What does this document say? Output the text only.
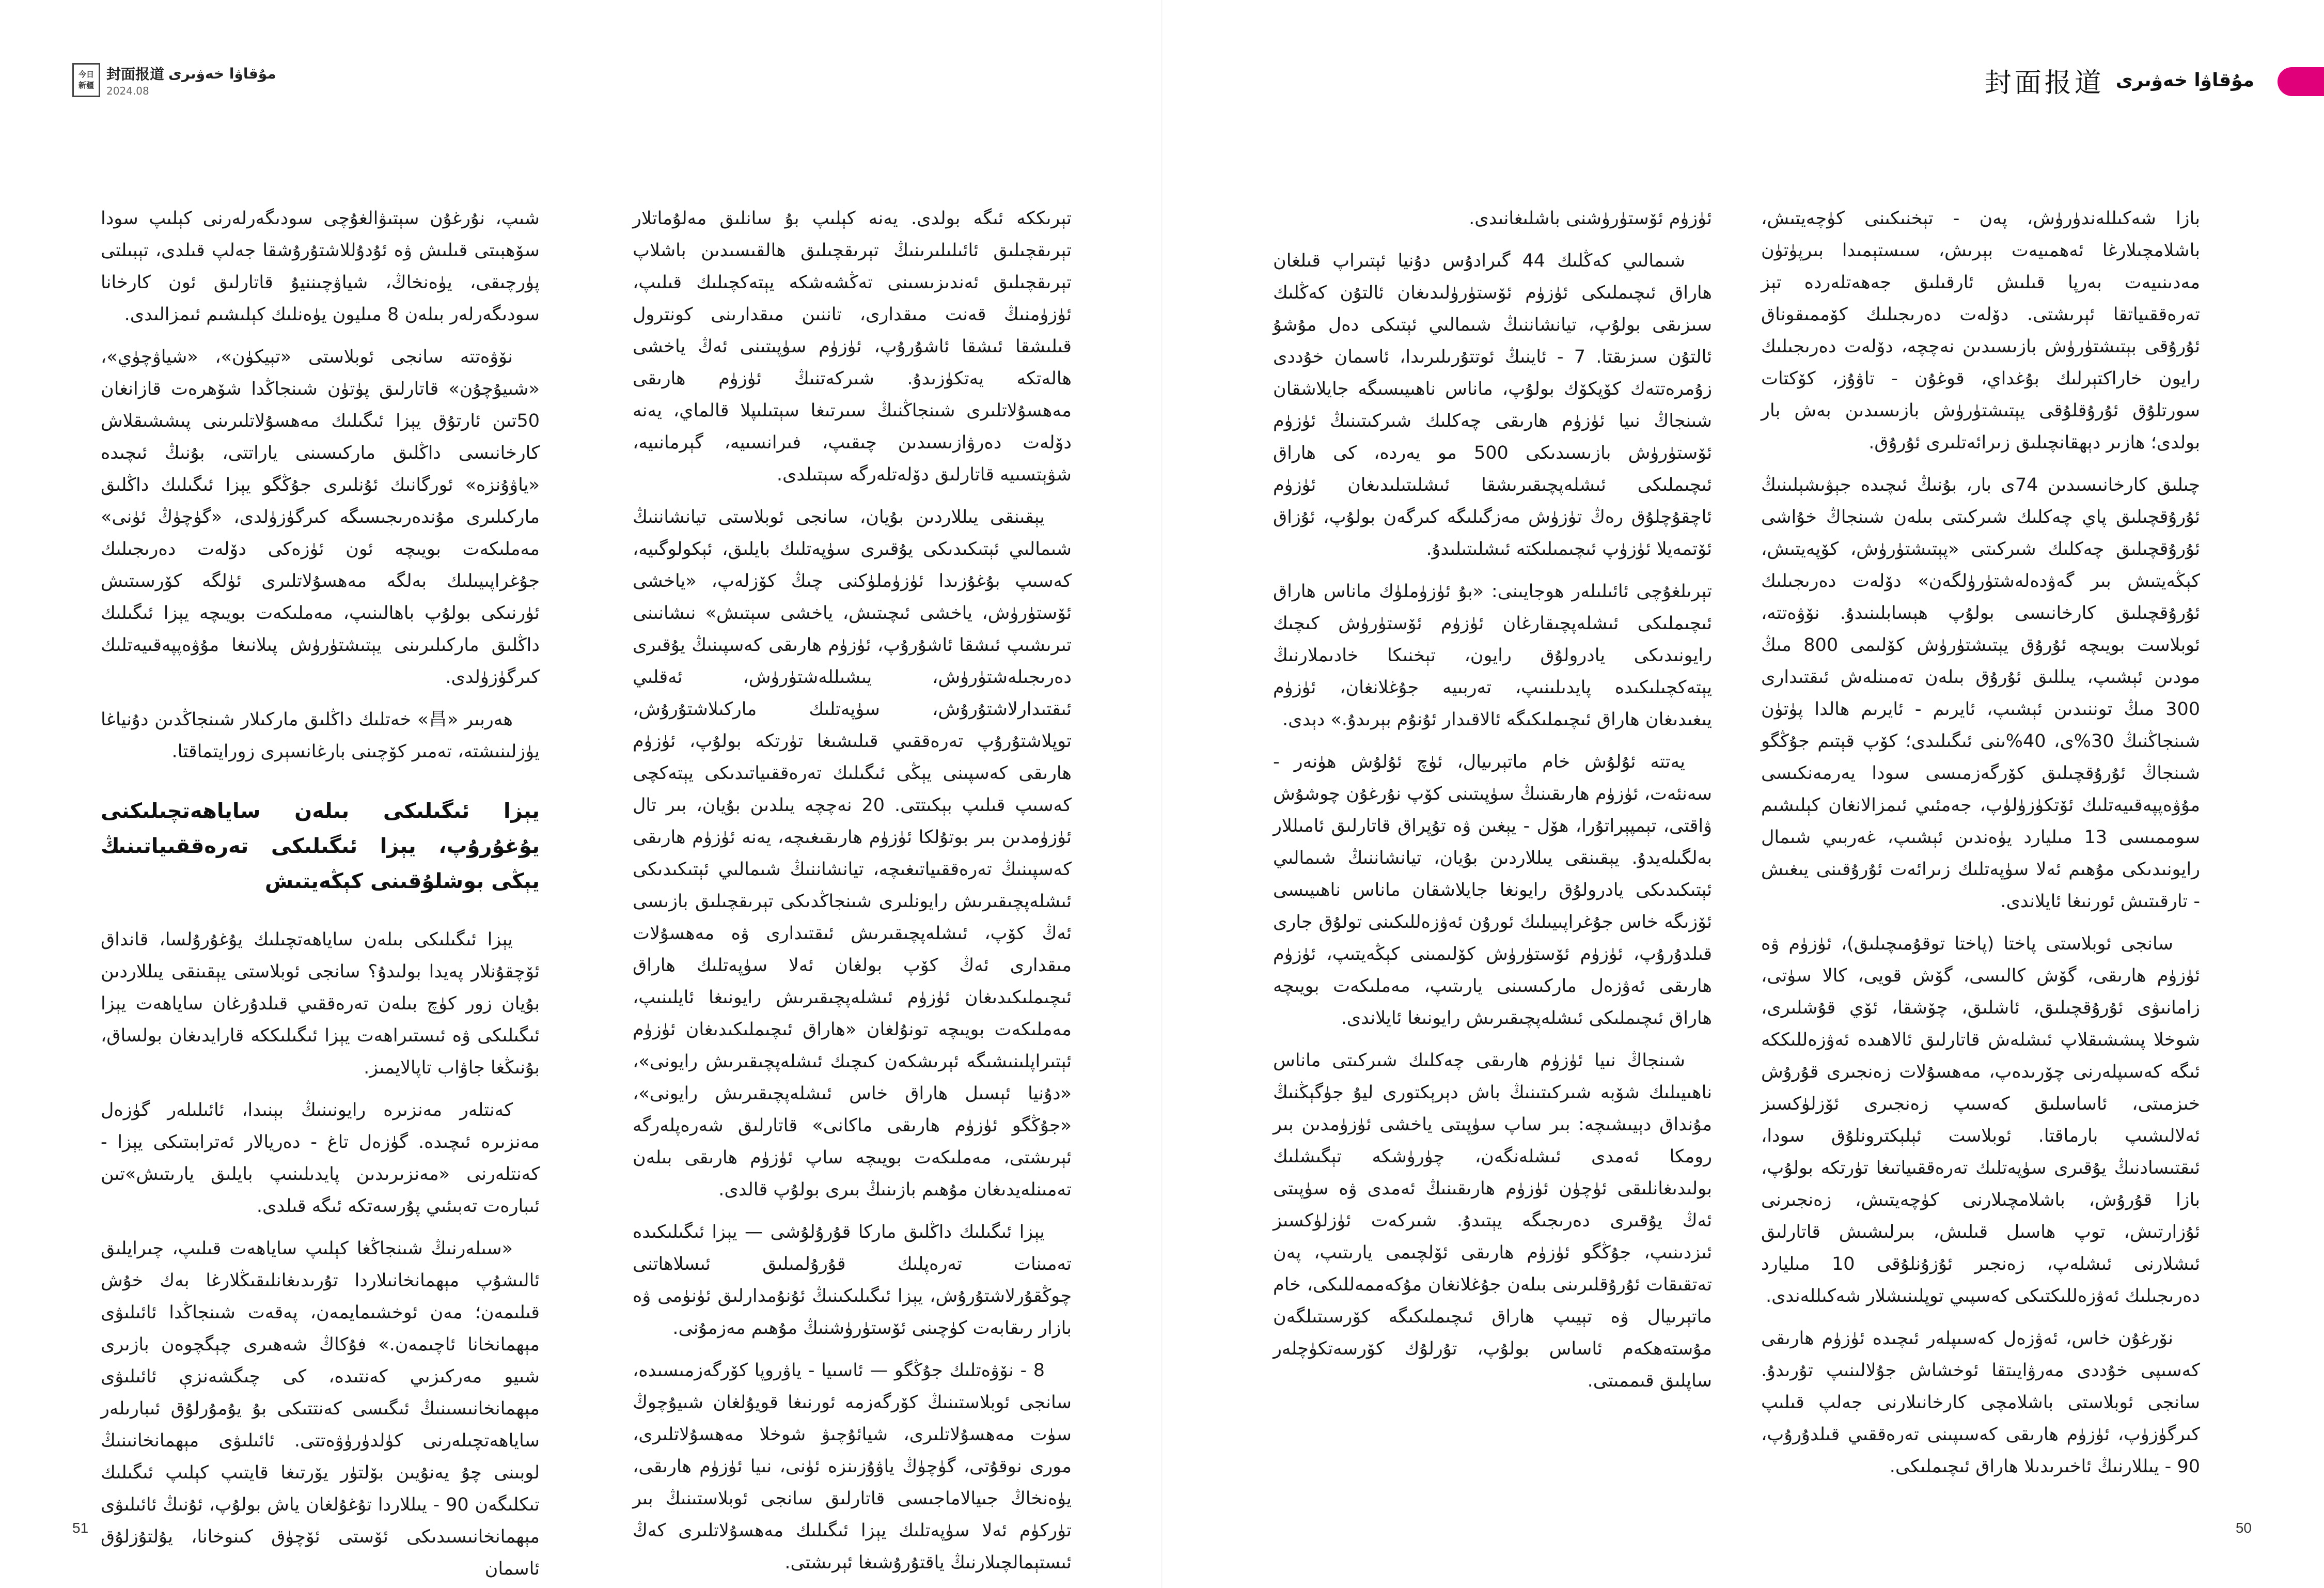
今日
新疆
封面报道 مۇقاۋا خەۋىرى
2024.08	封面报道 مۇقاۋا خەۋىرى

بازا شەكىللەندۈرۈش، پەن - تېخنىكىنى كۈچەيتىش، باشلامچىلارغا ئەھمىيەت بېرىش، سىستېمىدا بىرپۈتۈن مەدىنىيەت بەرپا قىلىش ئارقىلىق جەھەتلەردە تېز تەرەققىياتقا ئېرىشتى. دۆلەت دەرىجىلىك كۆممىقوناق ئۇرۇقى بېتىشتۈرۈش بازىسىدىن نەچچە، دۆلەت دەرىجىلىك رايون خاراكتېرلىك بۇغداي، قوغۇن - تاۋۇز، كۆكتات سورتلۇق ئۇرۇقلۇقى يېتىشتۈرۈش بازىسىدىن بەش بار بولدى؛ ھازىر دېھقانچىلىق زىرائەتلىرى ئۇرۇق.

چىلىق كارخانىسىدىن 74ى بار، بۇنىڭ ئىچىدە جېۋىشېلىنىڭ ئۇرۇقچىلىق پاي چەكلىك شىركىتى بىلەن شىنجاڭ خۇاشى ئۇرۇقچىلىق چەكلىك شىركىتى «پېتىشتۈرۈش، كۆپەيتىش، كېڭەيتىش بىر گەۋدەلەشتۈرۈلگەن» دۆلەت دەرىجىلىك ئۇرۇقچىلىق كارخانىسى بولۇپ ھېسابلىنىدۇ. نۆۋەتتە، ئوبلاست بويىچە ئۇرۇق يېتىشتۈرۈش كۆلىمى 800 مىڭ مودىن ئېشىپ، يىللىق ئۇرۇق بىلەن تەمىنلەش ئىقتىدارى 300 مىڭ توننىدىن ئېشىپ، ئايرىم - ئايرىم ھالدا پۈتۈن شىنجاڭنىڭ 30%ى، 40%ىنى ئىگىلىدى؛ كۆپ قېتىم جۇڭگو شىنجاڭ ئۇرۇقچىلىق كۆرگەزمىسى سودا يەرمەنكىسى مۇۋەپپەقىيەتلىك ئۆتكۈزۈلۈپ، جەمئىي ئىمزالانغان كېلىشىم سوممىسى 13 مىليارد يۈەندىن ئېشىپ، غەربىي شىمال رايونىدىكى مۇھىم ئەلا سۈپەتلىك زىرائەت ئۇرۇقىنى يىغىش - تارقىتىش ئورنىغا ئايلاندى.

سانجى ئوبلاستى پاختا (پاختا توقۇمىچىلىق)، ئۈزۈم ۋە ئۈزۈم ھارىقى، گۆش كالىسى، گۆش قويى، كالا سۈتى، زامانىۋى ئۇرۇقچىلىق، ئاشلىق، چۆشقا، ئۆي قۇشلىرى، شوخلا پىششىقلاپ ئىشلەش قاتارلىق ئالاھىدە ئەۋزەللىككە ئىگە كەسىپلەرنى چۆرىدەپ، مەھسۇلات زەنجىرى قۇرۇش خىزمىتى، ئاساسلىق كەسىپ زەنجىرى ئۆزلۈكسىز ئەلالىشىپ بارماقتا. ئوبلاست ئېلېكترونلۇق سودا، ئىقتىسادنىڭ يۇقىرى سۈپەتلىك تەرەققىياتىغا تۈرتكە بولۇپ، بازا قۇرۇش، باشلامچىلارنى كۈچەيتىش، زەنجىرنى ئۇزارتىش، توپ ھاسىل قىلىش، بىرلىشىش قاتارلىق ئىشلارنى ئىشلەپ، زەنجىر ئۇزۇنلۇقى 10 مىليارد دەرىجىلىك ئەۋزەللىكتىكى كەسپىي توپلىنىشلار شەكىللەندى.

نۆرغۇن خاس، ئەۋزەل كەسىپلەر ئىچىدە ئۈزۈم ھارىقى كەسىپى خۇددى مەرۋايىتقا ئوخشاش جۇلالىنىپ تۇرىدۇ. سانجى ئوبلاستى باشلامچى كارخانىلارنى جەلپ قىلىپ كىرگۈزۈپ، ئۈزۈم ھارىقى كەسىپىنى تەرەققىي قىلدۇرۇپ، 90 - يىللارنىڭ ئاخىرىدىلا ھاراق ئىچىملىكى.

ئۈزۈم ئۆستۈرۈشنى باشلىغانىدى.

شىمالىي كەڭلىك 44 گىرادۇس دۇنيا ئېتىراپ قىلغان ھاراق ئىچىملىكى ئۈزۈم ئۆستۈرۈلىدىغان ئالتۇن كەڭلىك سىزىقى بولۇپ، تيانشاننىڭ شىمالىي ئېتىكى دەل مۇشۇ ئالتۇن سىزىقتا. 7 - ئاينىڭ ئوتتۇرىلىرىدا، ئاسمان خۇددى زۇمرەتتەك كۆپكۆك بولۇپ، ماناس ناھىيىسىگە جايلاشقان شىنجاڭ نىيا ئۈزۈم ھارىقى چەكلىك شىركىتىنىڭ ئۈزۈم ئۆستۈرۈش بازىسىدىكى 500 مو يەردە، كى ھاراق ئىچىملىكى ئىشلەپچىقىرىشقا ئىشلىتىلىدىغان ئۈزۈم ئاچقۇچلۇق رەڭ تۈزۈش مەزگىلىگە كىرگەن بولۇپ، ئۇزاق ئۆتمەيلا ئۈزۈپ ئىچىمىلىكتە ئىشلىتىلىدۇ.

تېرىلغۇچى ئائىلىلەر ھوجايىنى: «بۇ ئۈزۈملۈك ماناس ھاراق ئىچىملىكى ئىشلەپچىقارغان ئۈزۈم ئۆستۈرۈش كىچىك رايونىدىكى يادرولۇق رايون، تېخنىكا خادىملارنىڭ يېتەكچىلىكىدە پايدىلىنىپ، تەربىيە جۇغلانغان، ئۈزۈم يىغىدىغان ھاراق ئىچىملىكىگە ئالاقىدار ئۇنۇم بېرىدۇ.» دېدى.

يەتتە ئۇلۇش خام ماتېرىيال، ئۈچ ئۇلۇش ھۈنەر - سەنئەت، ئۈزۈم ھارىقىنىڭ سۈپىتىنى كۆپ نۇرغۇن چوشۇش ۋاقتى، تېمپېراتۇرا، ھۆل - يېغىن ۋە تۇپراق قاتارلىق ئامىللار بەلگىلەيدۇ. يېقىنقى يىللاردىن بۇيان، تيانشاننىڭ شىمالىي ئېتىكىدىكى يادرولۇق رايونغا جايلاشقان ماناس ناھىيىسى ئۆزىگە خاس جۇغراپىيىلىك ئورۇن ئەۋزەللىكىنى تولۇق جارى قىلدۇرۇپ، ئۈزۈم ئۆستۈرۈش كۆلىمىنى كېڭەيتىپ، ئۈزۈم ھارىقى ئەۋزەل ماركىسىنى يارىتىپ، مەملىكەت بويىچە ھاراق ئىچىملىكى ئىشلەپچىقىرىش رايونىغا ئايلاندى.

شىنجاڭ نىيا ئۈزۈم ھارىقى چەكلىك شىركىتى ماناس ناھىيىلىك شۆبە شىركىتىنىڭ باش دېرېكتورى ليۇ جۈگېڭنىڭ مۇنداق دېيىشىچە: بىر ساپ سۈپىتى ياخشى ئۈزۈمدىن بىر رومكا ئەمدى ئىشلەنگەن، چۈرۈشكە تېگىشلىك بولىدىغانلىقى ئۈچۈن ئۈزۈم ھارىقىنىڭ ئەمدى ۋە سۈپىتى ئەڭ يۇقىرى دەرىجىگە يېتىدۇ. شىركەت ئۈزلۈكسىز ئىزدىنىپ، جۇڭگو ئۈزۈم ھارىقى ئۆلچىمى يارىتىپ، پەن تەتقىقات ئۇرۇقلىرىنى بىلەن جۇغلانغان مۇكەممەللىكى، خام ماتېرىيال ۋە تېيىپ ھاراق ئىچىملىكىگە كۆرسىتىلگەن مۇستەھكەم ئاساس بولۇپ، تۇرلۇك كۆرسەتكۈچلەر ساپلىق قىممىتى.

تېرىككە ئىگە بولدى. يەنە كېلىپ بۇ سانلىق مەلۇماتلار تېرىقچىلىق ئائىلىلىرىنىڭ تېرىقچىلىق ھالقىسىدىن باشلاپ تېرىقچىلىق ئەندىزىسىنى تەڭشەشكە يېتەكچىلىك قىلىپ، ئۈزۈمنىڭ قەنت مىقدارى، تاننىن مىقدارىنى كونترول قىلىشقا ئىشقا ئاشۇرۇپ، ئۈزۈم سۈپىتىنى ئەڭ ياخشى ھالەتكە يەتكۈزىدۇ. شىركەتنىڭ ئۈزۈم ھارىقى مەھسۇلاتلىرى شىنجاڭنىڭ سىرتىغا سېتىلىپلا قالماي، يەنە دۆلەت دەرۋازىسىدىن چىقىپ، فىرانسىيە، گېرمانىيە، شۋېتسىيە قاتارلىق دۆلەتلەرگە سېتىلدى.

يېقىنقى يىللاردىن بۇيان، سانجى ئوبلاستى تيانشاننىڭ شىمالىي ئېتىكىدىكى يۇقىرى سۈپەتلىك بايلىق، ئېكولوگىيە، كەسىپ بۇغۇزىدا ئۈزۈملۈكنى چىڭ كۆزلەپ، «ياخشى ئۆستۈرۈش، ياخشى ئىچىتىش، ياخشى سېتىش» نىشانىنى تىرىشىپ ئىشقا ئاشۇرۇپ، ئۈزۈم ھارىقى كەسپىنىڭ يۇقىرى دەرىجىلەشتۈرۈش، يىشىللەشتۈرۈش، ئەقلىي ئىقتىدارلاشتۇرۇش، سۈپەتلىك ماركىلاشتۇرۇش، توپلاشتۇرۇپ تەرەققىي قىلىشىغا تۈرتكە بولۇپ، ئۈزۈم ھارىقى كەسپىنى يېڭى ئىگىلىك تەرەققىياتىدىكى يېتەكچى كەسىپ قىلىپ بېكىتتى. 20 نەچچە يىلدىن بۇيان، بىر تال ئۈزۈمدىن بىر بوتۇلكا ئۈزۈم ھارىقىغىچە، يەنە ئۈزۈم ھارىقى كەسپىنىڭ تەرەققىياتىغىچە، تيانشاننىڭ شىمالىي ئېتىكىدىكى ئىشلەپچىقىرىش رايونلىرى شىنجاڭدىكى تېرىقچىلىق بازىسى ئەڭ كۆپ، ئىشلەپچىقىرىش ئىقتىدارى ۋە مەھسۇلات مىقدارى ئەڭ كۆپ بولغان ئەلا سۈپەتلىك ھاراق ئىچىملىكىدىغان ئۈزۈم ئىشلەپچىقىرىش رايونىغا ئايلىنىپ، مەملىكەت بويىچە تونۇلغان «ھاراق ئىچىملىكىدىغان ئۈزۈم ئېتىراپلىنىشىگە ئېرىشكەن كىچىك ئىشلەپچىقىرىش رايونى»، «دۇنيا ئېسىل ھاراق خاس ئىشلەپچىقىرىش رايونى»، «جۇڭگو ئۈزۈم ھارىقى ماكانى» قاتارلىق شەرەپلەرگە ئېرىشتى، مەملىكەت بويىچە ساپ ئۈزۈم ھارىقى بىلەن تەمىنلەيدىغان مۇھىم بازىنىڭ بىرى بولۇپ قالدى.

يېزا ئىگىلىك داڭلىق ماركا قۇرۇلۇشى — يېزا ئىگىلىكىدە تەمىنات تەرەپلىك قۇرۇلمىلىق ئىسلاھاتنى چوڭقۇرلاشتۇرۇش، يېزا ئىگىلىكىنىڭ ئۇنۇمدارلىق ئۈنۈمى ۋە بازار رىقابەت كۈچىنى ئۆستۈرۈشنىڭ مۇھىم مەزمۇنى.

8 - نۆۋەتلىك جۇڭگو — ئاسىيا - ياۋروپا كۆرگەزمىسىدە، سانجى ئوبلاستىنىڭ كۆرگەزمە ئورنىغا قويۇلغان شىيۇچوڭ سۈت مەھسۇلاتلىرى، شيائۇچىۋ شوخلا مەھسۇلاتلىرى، مورى نوقۇتى، گۈچۈڭ ياۋۇزىنزە ئۈنى، نىيا ئۈزۈم ھارىقى، يۈەنخاڭ جىيالاماجىسى قاتارلىق سانجى ئوبلاستىنىڭ بىر تۈركۈم ئەلا سۈپەتلىك يېزا ئىگىلىك مەھسۇلاتلىرى كەڭ ئىستېمالچىلارنىڭ ياقتۇرۇشىغا ئېرىشتى.

شىپ، نۇرغۇن سېتىۋالغۇچى سودىگەرلەرنى كېلىپ سودا سۆھبىتى قىلىش ۋە ئۇدۇللاشتۇرۇشقا جەلپ قىلدى، تېبىلتى پۈرچىقى، يۈەنخاڭ، شياۋچىننيۇ قاتارلىق ئون كارخانا سودىگەرلەر بىلەن 8 مىليون يۈەنلىك كېلىشىم ئىمزالىدى.

نۆۋەتتە سانجى ئوبلاستى «تېيكۈن»، «شياۋچۈي»، «شىيۇچۇن» قاتارلىق پۈتۈن شىنجاڭدا شۆھرەت قازانغان 50تىن ئارتۇق يېزا ئىگىلىك مەھسۇلاتلىرىنى پىششىقلاش كارخانىسى داڭلىق ماركىسىنى ياراتتى، بۇنىڭ ئىچىدە «ياۋۇنزە» ئورگانىك ئۇنلىرى جۇڭگو يېزا ئىگىلىك داڭلىق ماركىلىرى مۇندەرىجىسىگە كىرگۈزۈلدى، «گۈچۈڭ ئۈنى» مەملىكەت بويىچە ئون ئۈزەكى دۆلەت دەرىجىلىك جۇغراپىيىلىك بەلگە مەھسۇلاتلىرى ئۈلگە كۆرسىتىش ئۈرنىكى بولۇپ باھالىنىپ، مەملىكەت بويىچە يېزا ئىگىلىك داڭلىق ماركىلىرىنى يېتىشتۈرۈش پىلانىغا مۇۋەپپەقىيەتلىك كىرگۈزۈلدى.

ھەربىر «昌» خەتلىك داڭلىق ماركىلار شىنجاڭدىن دۇنياغا يۈزلىنىشتە، تەمىر كۆچىنى بارغانسېرى زورايتماقتا.

يېزا ئىگىلىكى بىلەن ساياھەتچىلىكنى يۇغۇرۇپ، يېزا ئىگىلىكى تەرەققىياتىنىڭ يېڭى بوشلۇقىنى كېڭەيتىش

يېزا ئىگىلىكى بىلەن ساياھەتچىلىك يۇغۇرۇلسا، قانداق ئۆچقۇنلار پەيدا بولىدۇ؟ سانجى ئوبلاستى يېقىنقى يىللاردىن بۇيان زور كۈچ بىلەن تەرەققىي قىلدۇرغان ساياھەت يېزا ئىگىلىكى ۋە ئىستىراھەت يېزا ئىگىلىككە قارايدىغان بولساق، بۇنىڭغا جاۋاب تاپالايمىز.

كەنتلەر مەنزىرە رايونىنىڭ بېنىدا، ئائىلىلەر گۈزەل مەنزىرە ئىچىدە. گۈزەل تاغ - دەريالار ئەترابىتىكى يېزا - كەنتلەرنى «مەنزىرىدىن پايدىلىنىپ بايلىق يارىتىش»تىن ئىبارەت تەبىئىي پۇرسەتكە ئىگە قىلدى.

«سىلەرنىڭ شىنجاڭغا كېلىپ ساياھەت قىلىپ، چىرايلىق ئالىشۇپ مېھمانخانىلاردا تۇرىدىغانلىقىڭلارغا بەك خۇش قىلىمەن؛ مەن ئوخشىمايمەن، پەقەت شىنجاڭدا ئائىلىۋى مېھمانخانا ئاچىمەن.» فۇكاڭ شەھىرى چېگچوەن بازىرى شىيو مەركىزىي كەنتىدە، كى چىگشەنزې ئائىلىۋى مېھمانخانىسىنىڭ ئىگىسى كەنتتىكى بۇ يۇمۇرلۇق ئىبارىلەر ساياھەتچىلەرنى كۈلدۈرۈۋەتتى. ئائىلىۋى مېھمانخانىنىڭ لوبىنى چۇ يەنۇيىن بۆلتۈر يۆرتىغا قايتىپ كېلىپ ئىگىلىك تىكلىگەن 90 - يىللاردا تۇغۇلغان ياش بولۇپ، ئۇنىڭ ئائىلىۋى مېھمانخانىسىدىكى ئۆستى ئۆچۈق كىنوخانا، يۇلتۇزلۇق ئاسمان

51	50
